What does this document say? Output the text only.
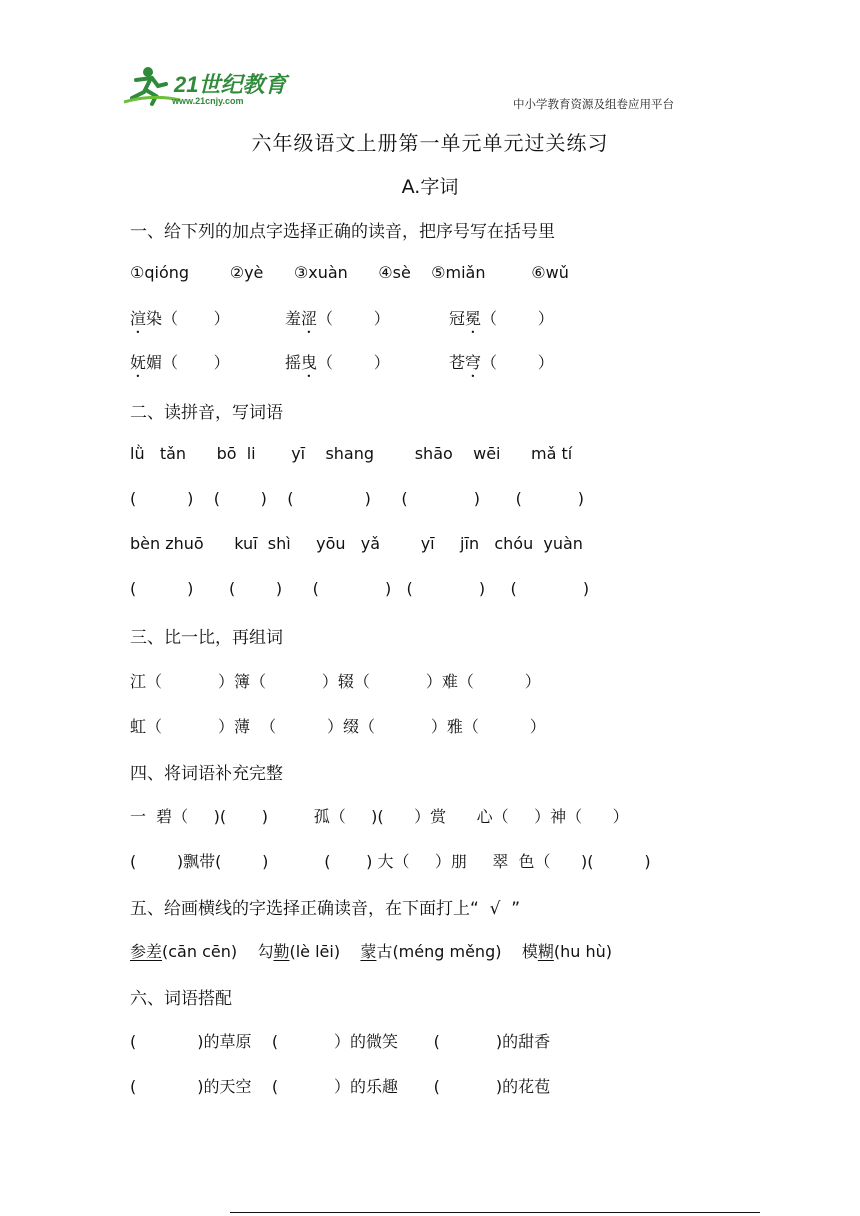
21世纪教育
www.21cnjy.com	中小学教育资源及组卷应用平台
六年级语文上册第一单元单元过关练习
A.字词
一、给下列的加点字选择正确的读音，把序号写在括号里
①qióng        ②yè      ③xuàn      ④sè    ⑤miǎn         ⑥wǔ
渲染（       ）	羞涩（        ）	冠冕（        ）
妩媚（       ）	摇曳（        ）	苍穹（        ）
二、读拼音，写词语
lǜ   tǎn      bō  li       yī    shang        shāo    wēi      mǎ tí
(          )    (        )    (              )      (             )       (           )
bèn zhuō      kuī  shì     yōu   yǎ        yī     jīn   chóu  yuàn
(          )       (        )      (             )   (             )     (             )
三、比一比，再组词
江（           ）簿（           ）辍（           ）难（          ）
虹（           ）薄  （          ）缀（           ）雅（          ）
四、将词语补充完整
一  碧（     )(       )         孤（     )(      ）赏      心（     ）神（      ）
(        )飘带(        )           (       ) 大（     ）朋     翠  色（      )(          )
五、给画横线的字选择正确读音，在下面打上“  √  ”
参差(cān cēn)    勾勤(lè lēi)    蒙古(méng měng)    模糊(hu hù)
六、词语搭配
(            )的草原    (           ）的微笑       (           )的甜香
(            )的天空    (           ）的乐趣       (           )的花苞
